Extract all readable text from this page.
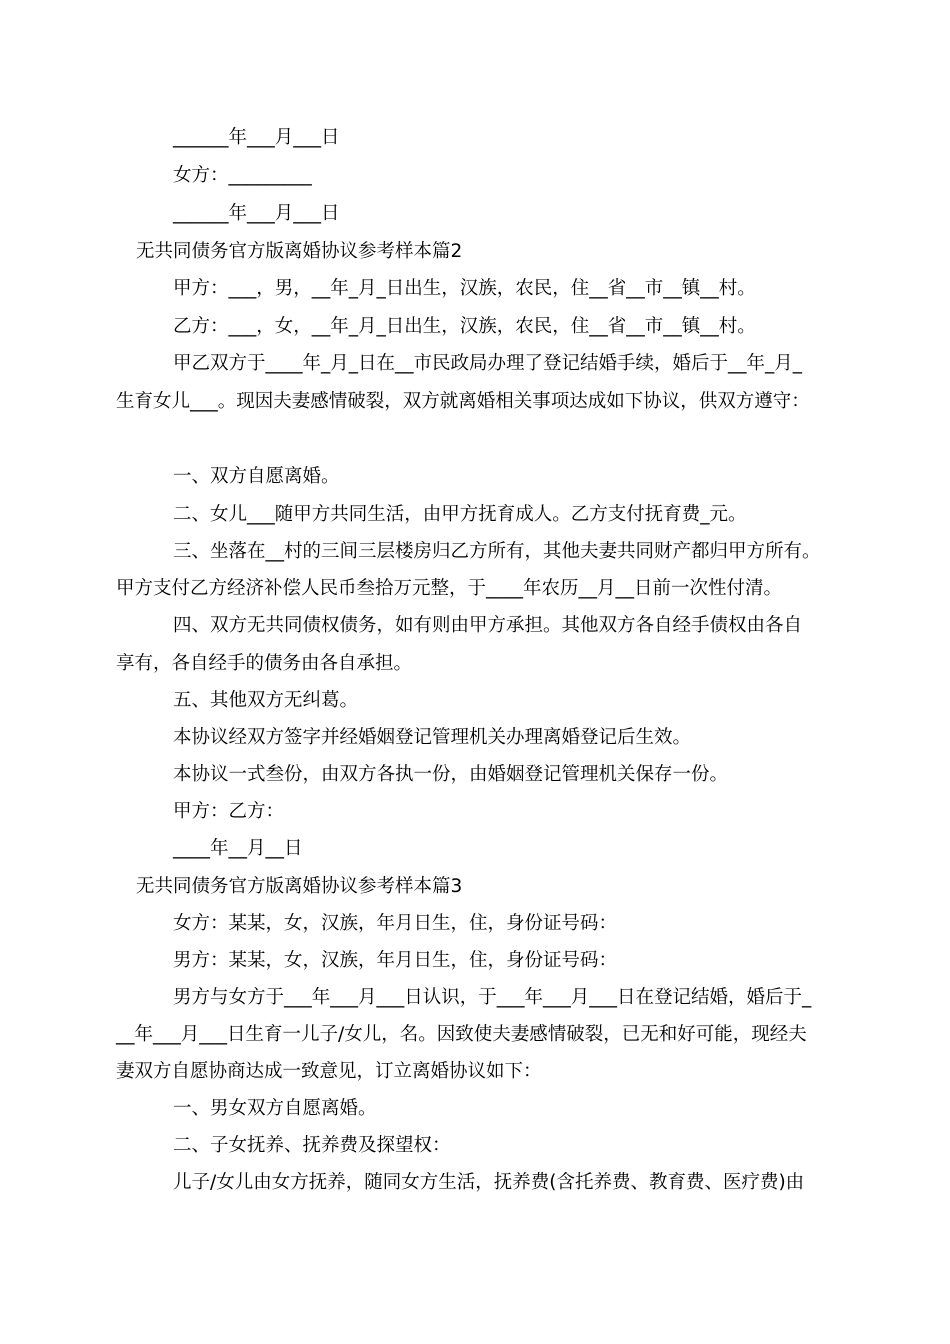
______年___月___日
女方：_________
______年___月___日
无共同债务官方版离婚协议参考样本篇2
甲方：___，男，__年_月_日出生，汉族，农民，住__省__市__镇__村。
乙方：___，女，__年_月_日出生，汉族，农民，住__省__市__镇__村。
甲乙双方于____年_月_日在__市民政局办理了登记结婚手续，婚后于__年_月_
生育女儿___。现因夫妻感情破裂，双方就离婚相关事项达成如下协议，供双方遵守：
一、双方自愿离婚。
二、女儿___随甲方共同生活，由甲方抚育成人。乙方支付抚育费_元。
三、坐落在__村的三间三层楼房归乙方所有，其他夫妻共同财产都归甲方所有。
甲方支付乙方经济补偿人民币叁拾万元整，于____年农历__月__日前一次性付清。
四、双方无共同债权债务，如有则由甲方承担。其他双方各自经手债权由各自
享有，各自经手的债务由各自承担。
五、其他双方无纠葛。
本协议经双方签字并经婚姻登记管理机关办理离婚登记后生效。
本协议一式叁份，由双方各执一份，由婚姻登记管理机关保存一份。
甲方：乙方：
____年__月__日
无共同债务官方版离婚协议参考样本篇3
女方：某某，女，汉族，年月日生，住，身份证号码：
男方：某某，女，汉族，年月日生，住，身份证号码：
男方与女方于___年___月___日认识，于___年___月___日在登记结婚，婚后于_
__年___月___日生育一儿子/女儿，名。因致使夫妻感情破裂，已无和好可能，现经夫
妻双方自愿协商达成一致意见，订立离婚协议如下：
一、男女双方自愿离婚。
二、子女抚养、抚养费及探望权：
儿子/女儿由女方抚养，随同女方生活，抚养费(含托养费、教育费、医疗费)由
